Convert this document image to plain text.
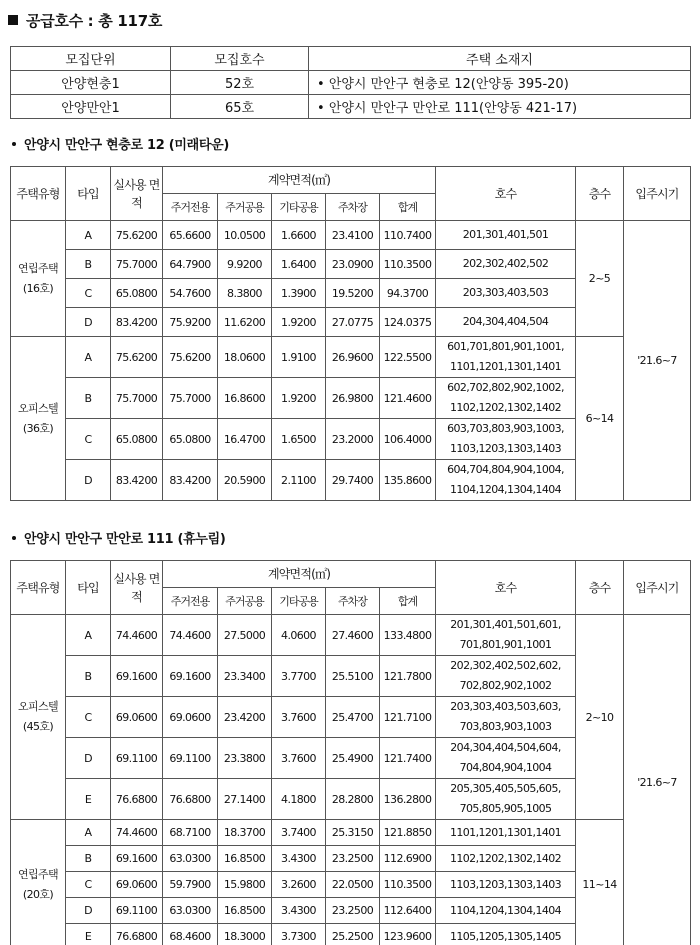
공급호수 : 총 117호
모집단위	모집호수	주택 소재지
안양현충1	52호	• 안양시 만안구 현충로 12(안양동 395-20)
안양만안1	65호	• 안양시 만안구 만안로 111(안양동 421-17)
안양시 만안구 현충로 12 (미래타운)
주택유형	타입	실사용 면적	계약면적(㎡)					호수	층수	입주시기
			주거전용	주거공용	기타공용	주차장	합계			

연립주택
(16호)	A	75.6200	65.6600	10.0500	1.6600	23.4100	110.7400	201,301,401,501	2~5	'21.6~7
	B	75.7000	64.7900	9.9200	1.6400	23.0900	110.3500	202,302,402,502		
	C	65.0800	54.7600	8.3800	1.3900	19.5200	94.3700	203,303,403,503		
	D	83.4200	75.9200	11.6200	1.9200	27.0775	124.0375	204,304,404,504		

오피스텔
(36호)	A	75.6200	75.6200	18.0600	1.9100	26.9600	122.5500	601,701,801,901,1001, 1101,1201,1301,1401	6~14	
	B	75.7000	75.7000	16.8600	1.9200	26.9800	121.4600	602,702,802,902,1002, 1102,1202,1302,1402		
	C	65.0800	65.0800	16.4700	1.6500	23.2000	106.4000	603,703,803,903,1003, 1103,1203,1303,1403		
	D	83.4200	83.4200	20.5900	2.1100	29.7400	135.8600	604,704,804,904,1004, 1104,1204,1304,1404		
안양시 만안구 만안로 111 (휴누림)
주택유형	타입	실사용 면적	계약면적(㎡)					호수	층수	입주시기
			주거전용	주거공용	기타공용	주차장	합계			

오피스텔
(45호)	A	74.4600	74.4600	27.5000	4.0600	27.4600	133.4800	201,301,401,501,601, 701,801,901,1001	2~10	'21.6~7
	B	69.1600	69.1600	23.3400	3.7700	25.5100	121.7800	202,302,402,502,602, 702,802,902,1002		
	C	69.0600	69.0600	23.4200	3.7600	25.4700	121.7100	203,303,403,503,603, 703,803,903,1003		
	D	69.1100	69.1100	23.3800	3.7600	25.4900	121.7400	204,304,404,504,604, 704,804,904,1004		
	E	76.6800	76.6800	27.1400	4.1800	28.2800	136.2800	205,305,405,505,605, 705,805,905,1005		

연립주택
(20호)	A	74.4600	68.7100	18.3700	3.7400	25.3150	121.8850	1101,1201,1301,1401	11~14	
	B	69.1600	63.0300	16.8500	3.4300	23.2500	112.6900	1102,1202,1302,1402		
	C	69.0600	59.7900	15.9800	3.2600	22.0500	110.3500	1103,1203,1303,1403		
	D	69.1100	63.0300	16.8500	3.4300	23.2500	112.6400	1104,1204,1304,1404		
	E	76.6800	68.4600	18.3000	3.7300	25.2500	123.9600	1105,1205,1305,1405		
